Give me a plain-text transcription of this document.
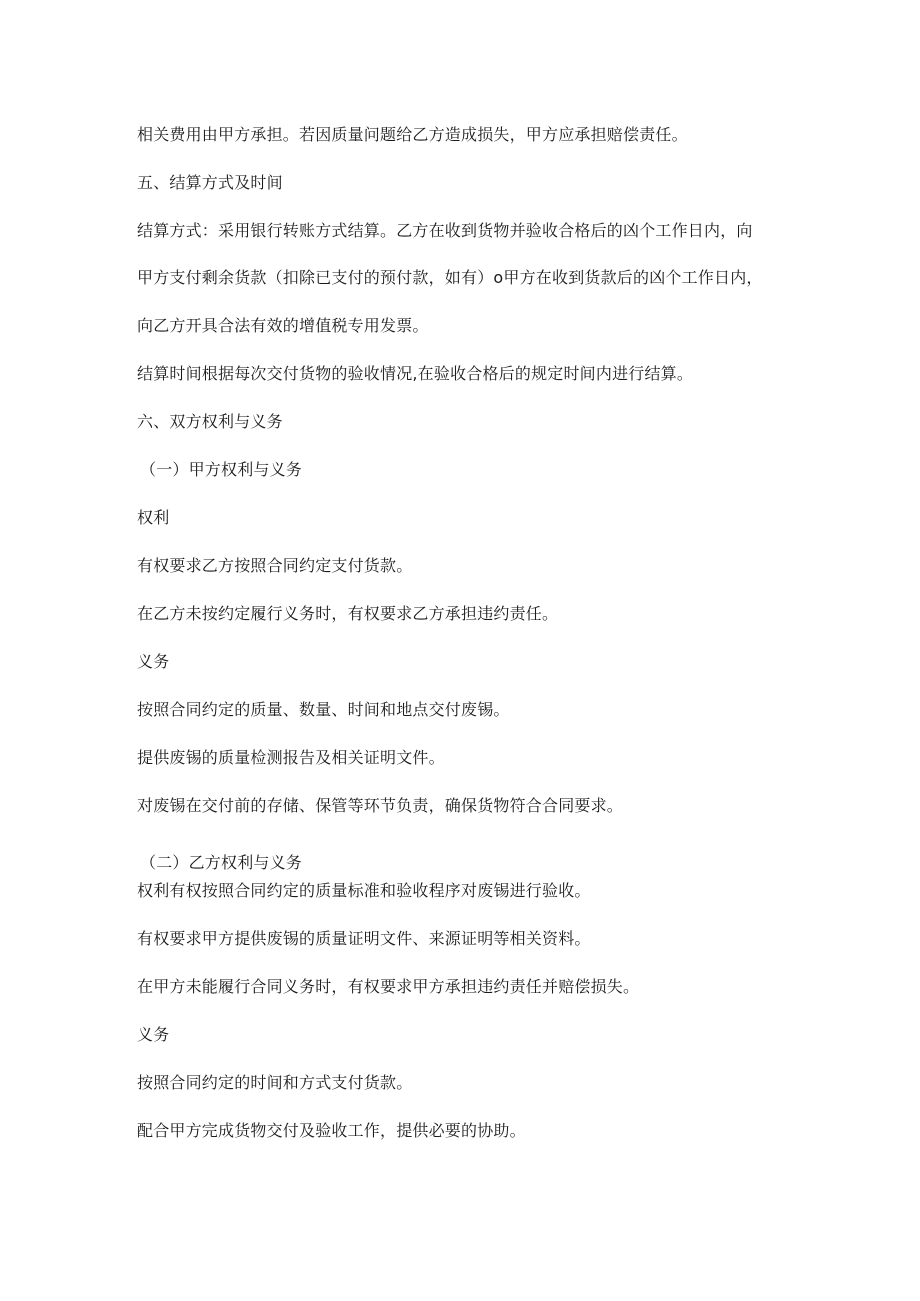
相关费用由甲方承担。若因质量问题给乙方造成损失，甲方应承担赔偿责任。
五、结算方式及时间
结算方式：采用银行转账方式结算。乙方在收到货物并验收合格后的凶个工作日内，向
甲方支付剩余货款（扣除已支付的预付款，如有）o甲方在收到货款后的凶个工作日内，
向乙方开具合法有效的增值税专用发票。
结算时间根据每次交付货物的验收情况,在验收合格后的规定时间内进行结算。
六、双方权利与义务
（一）甲方权利与义务
权利
有权要求乙方按照合同约定支付货款。
在乙方未按约定履行义务时，有权要求乙方承担违约责任。
义务
按照合同约定的质量、数量、时间和地点交付废锡。
提供废锡的质量检测报告及相关证明文件。
对废锡在交付前的存储、保管等环节负责，确保货物符合合同要求。
（二）乙方权利与义务
权利有权按照合同约定的质量标准和验收程序对废锡进行验收。
有权要求甲方提供废锡的质量证明文件、来源证明等相关资料。
在甲方未能履行合同义务时，有权要求甲方承担违约责任并赔偿损失。
义务
按照合同约定的时间和方式支付货款。
配合甲方完成货物交付及验收工作，提供必要的协助。
